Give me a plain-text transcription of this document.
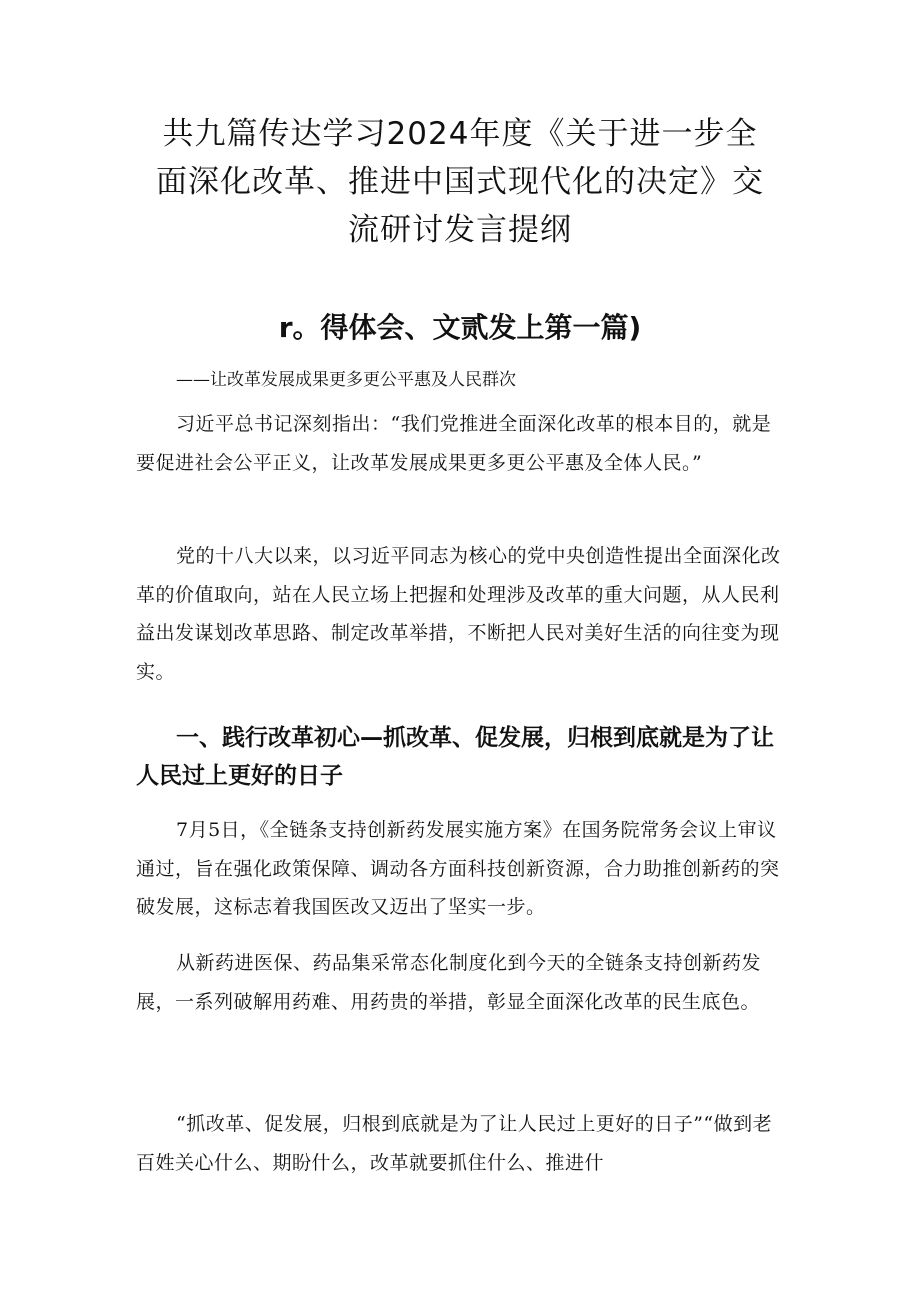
共九篇传达学习2024年度《关于进一步全
面深化改革、推进中国式现代化的决定》交
流研讨发言提纲
r。得体会、文贰发上第一篇)

——让改革发展成果更多更公平惠及人民群次

习近平总书记深刻指出：“我们党推进全面深化改革的根本目的，就是要促进社会公平正义，让改革发展成果更多更公平惠及全体人民。”

党的十八大以来，以习近平同志为核心的党中央创造性提出全面深化改革的价值取向，站在人民立场上把握和处理涉及改革的重大问题，从人民利益出发谋划改革思路、制定改革举措，不断把人民对美好生活的向往变为现实。

一、践行改革初心—抓改革、促发展，归根到底就是为了让人民过上更好的日子

7月5日，《全链条支持创新药发展实施方案》在国务院常务会议上审议通过，旨在强化政策保障、调动各方面科技创新资源，合力助推创新药的突破发展，这标志着我国医改又迈出了坚实一步。

从新药进医保、药品集采常态化制度化到今天的全链条支持创新药发展，一系列破解用药难、用药贵的举措，彰显全面深化改革的民生底色。

“抓改革、促发展，归根到底就是为了让人民过上更好的日子”“做到老百姓关心什么、期盼什么，改革就要抓住什么、推进什
